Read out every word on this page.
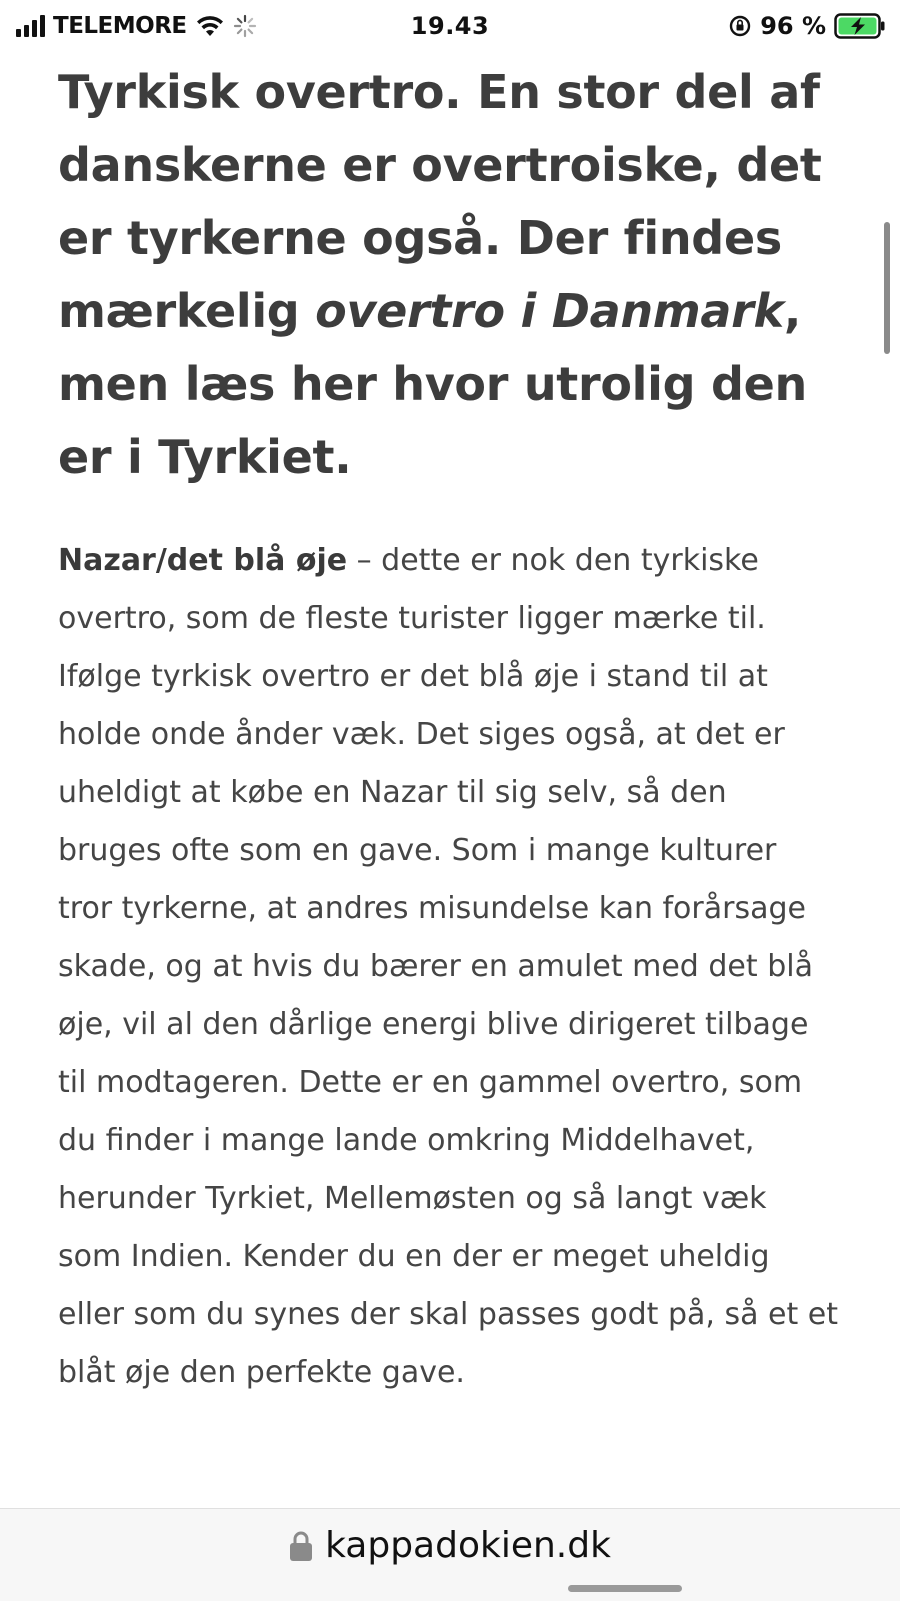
TELEMORE	19.43	96 %
Tyrkisk overtro. En stor del af danskerne er overtroiske, det er tyrkerne også. Der findes mærkelig overtro i Danmark, men læs her hvor utrolig den er i Tyrkiet.

Nazar/det blå øje – dette er nok den tyrkiske overtro, som de fleste turister ligger mærke til. Ifølge tyrkisk overtro er det blå øje i stand til at holde onde ånder væk. Det siges også, at det er uheldigt at købe en Nazar til sig selv, så den bruges ofte som en gave. Som i mange kulturer tror tyrkerne, at andres misundelse kan forårsage skade, og at hvis du bærer en amulet med det blå øje, vil al den dårlige energi blive dirigeret tilbage til modtageren. Dette er en gammel overtro, som du finder i mange lande omkring Middelhavet, herunder Tyrkiet, Mellemøsten og så langt væk som Indien. Kender du en der er meget uheldig eller som du synes der skal passes godt på, så et et blåt øje den perfekte gave.

kappadokien.dk
